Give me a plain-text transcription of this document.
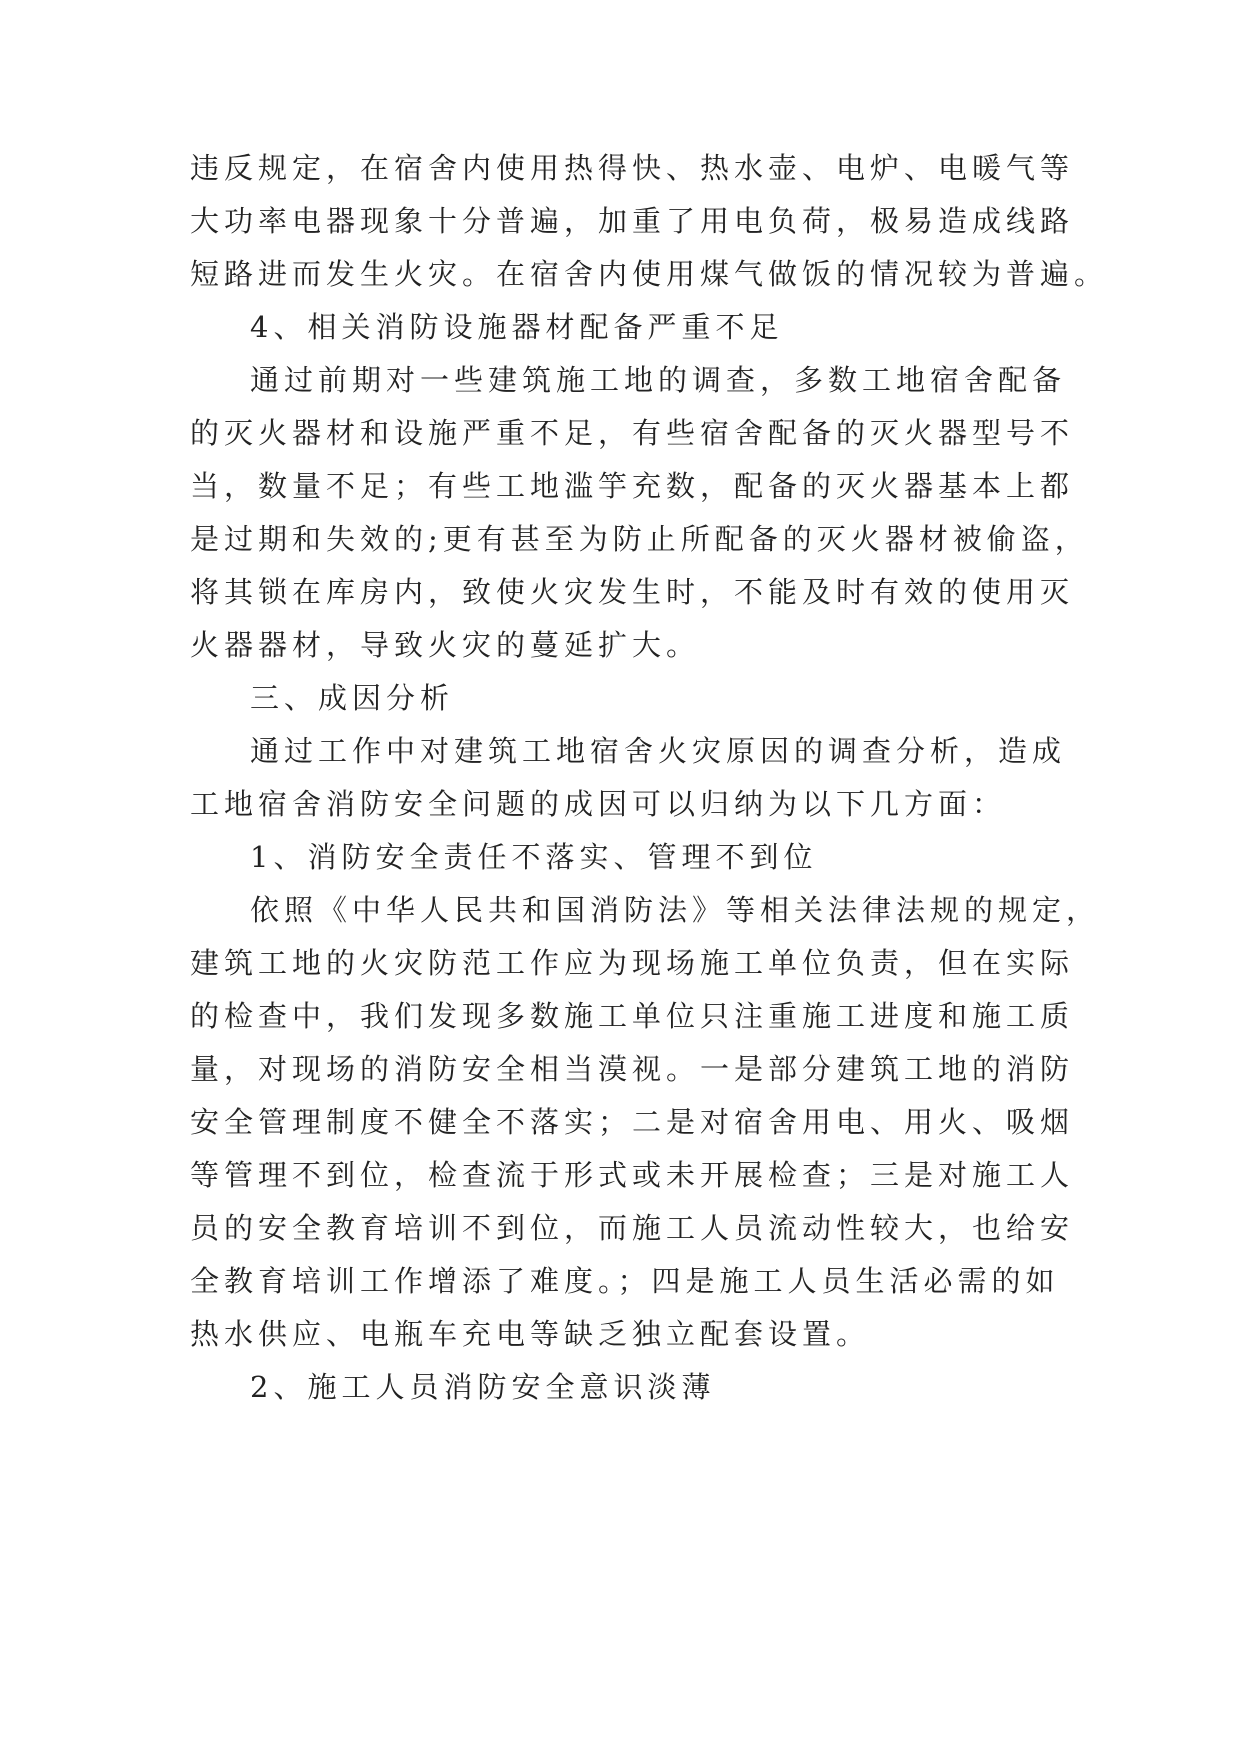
违反规定，在宿舍内使用热得快、热水壶、电炉、电暖气等
大功率电器现象十分普遍，加重了用电负荷，极易造成线路
短路进而发生火灾。在宿舍内使用煤气做饭的情况较为普遍。
4、相关消防设施器材配备严重不足
通过前期对一些建筑施工地的调查，多数工地宿舍配备
的灭火器材和设施严重不足，有些宿舍配备的灭火器型号不
当，数量不足；有些工地滥竽充数，配备的灭火器基本上都
是过期和失效的;更有甚至为防止所配备的灭火器材被偷盗，
将其锁在库房内，致使火灾发生时，不能及时有效的使用灭
火器器材，导致火灾的蔓延扩大。
三、成因分析
通过工作中对建筑工地宿舍火灾原因的调查分析，造成
工地宿舍消防安全问题的成因可以归纳为以下几方面：
1、消防安全责任不落实、管理不到位
依照《中华人民共和国消防法》等相关法律法规的规定，
建筑工地的火灾防范工作应为现场施工单位负责，但在实际
的检查中，我们发现多数施工单位只注重施工进度和施工质
量，对现场的消防安全相当漠视。一是部分建筑工地的消防
安全管理制度不健全不落实；二是对宿舍用电、用火、吸烟
等管理不到位，检查流于形式或未开展检查；三是对施工人
员的安全教育培训不到位，而施工人员流动性较大，也给安
全教育培训工作增添了难度。；四是施工人员生活必需的如
热水供应、电瓶车充电等缺乏独立配套设置。
2、施工人员消防安全意识淡薄
